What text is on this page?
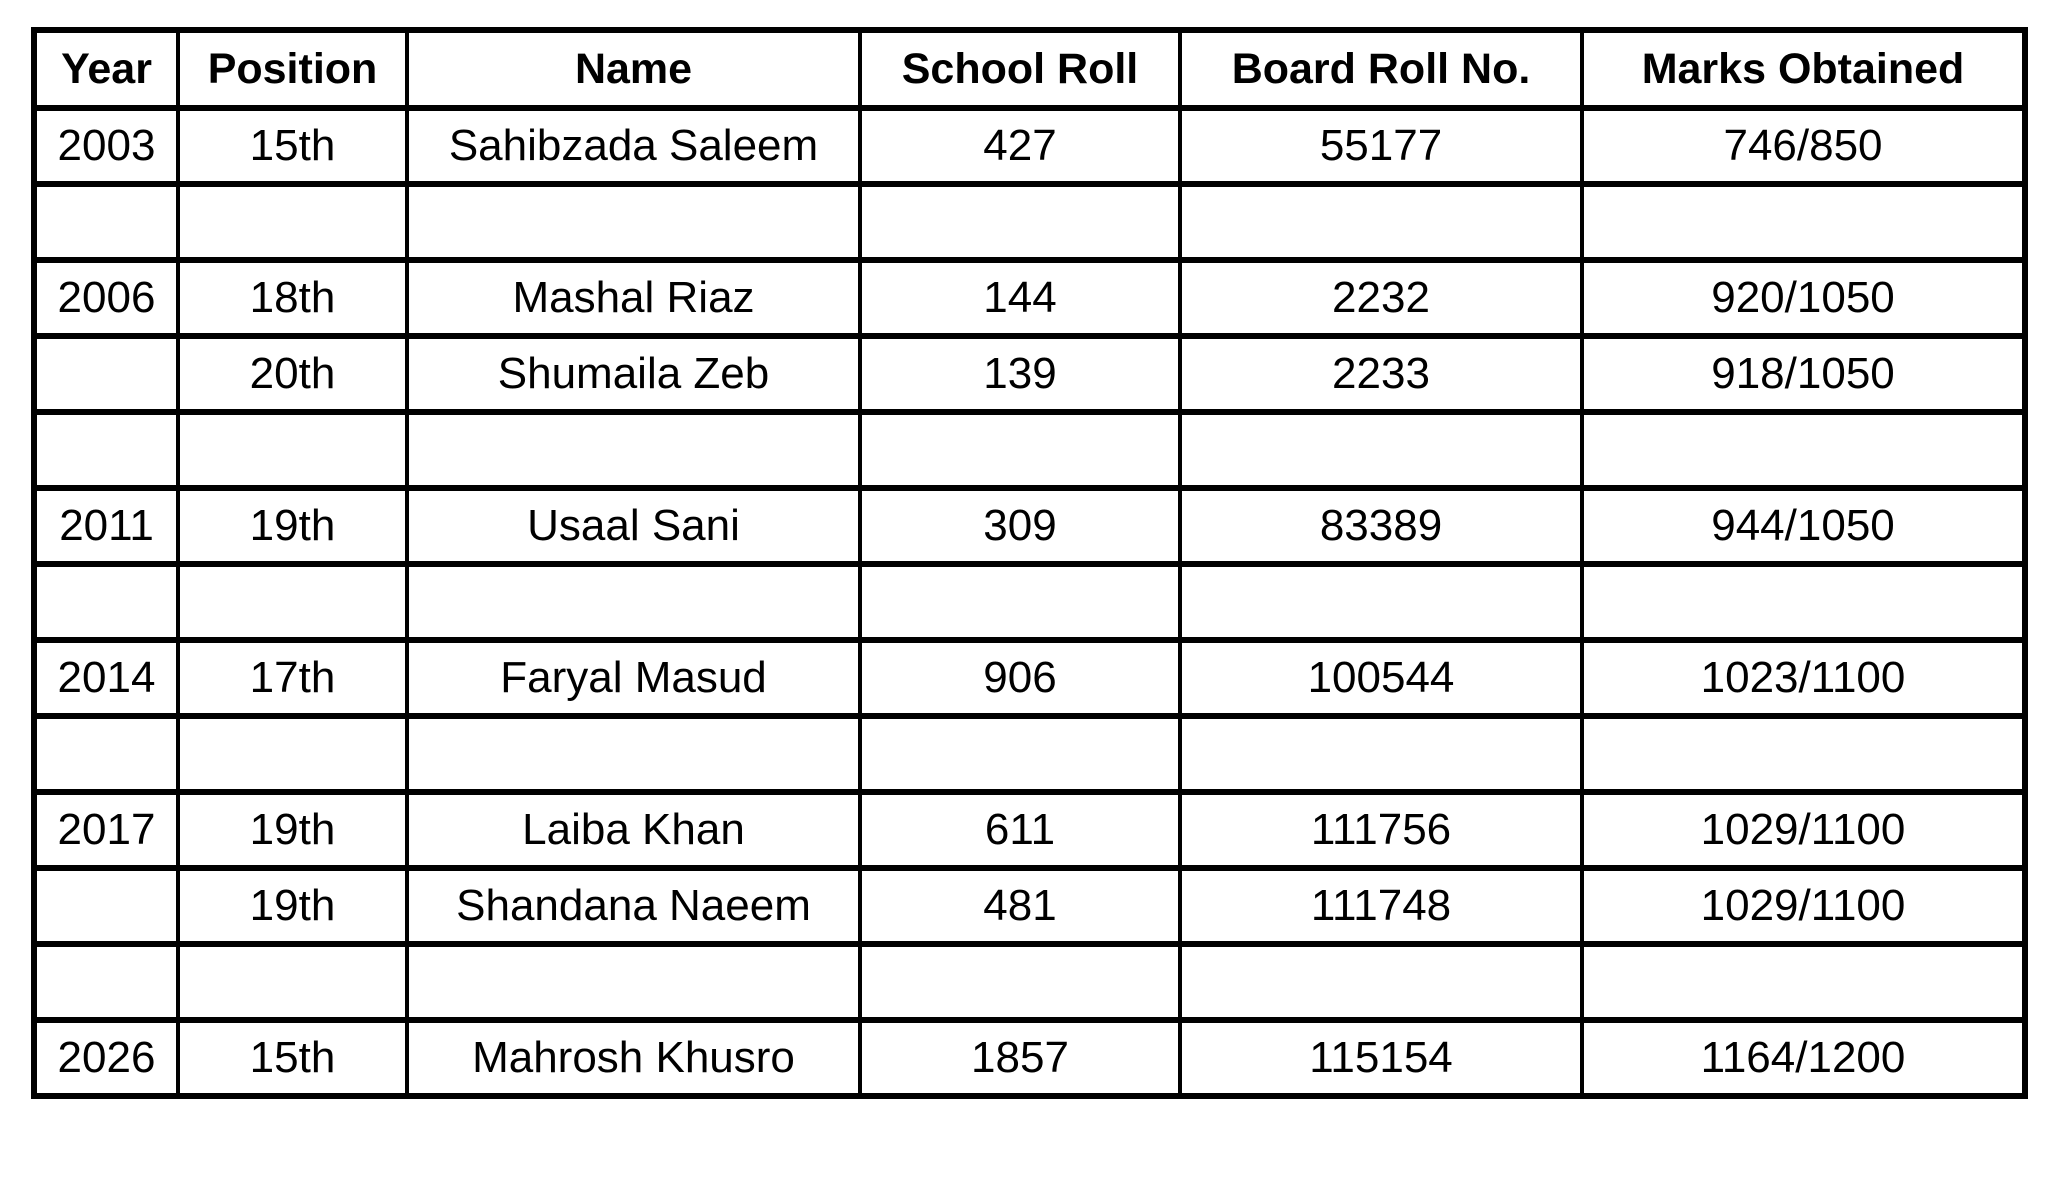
Year	Position	Name	School Roll	Board Roll No.	Marks Obtained
2003	15th	Sahibzada Saleem	427	55177	746/850

2006	18th	Mashal Riaz	144	2232	920/1050
	20th	Shumaila Zeb	139	2233	918/1050

2011	19th	Usaal Sani	309	83389	944/1050

2014	17th	Faryal Masud	906	100544	1023/1100

2017	19th	Laiba Khan	611	111756	1029/1100
	19th	Shandana Naeem	481	111748	1029/1100

2026	15th	Mahrosh Khusro	1857	115154	1164/1200
